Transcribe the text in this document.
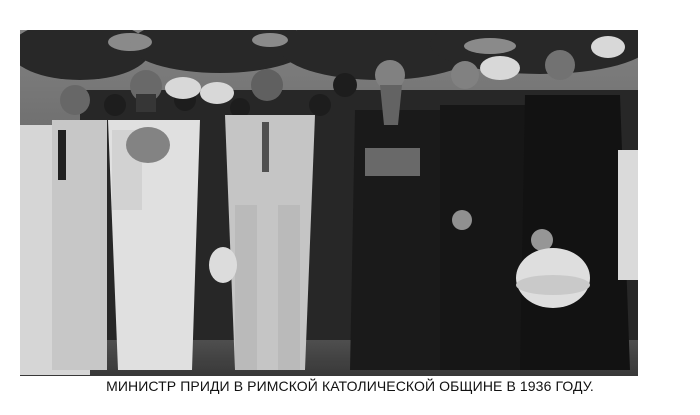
МИНИСТР ПРИДИ В РИМСКОЙ КАТОЛИЧЕСКОЙ ОБЩИНЕ В 1936 ГОДУ.
